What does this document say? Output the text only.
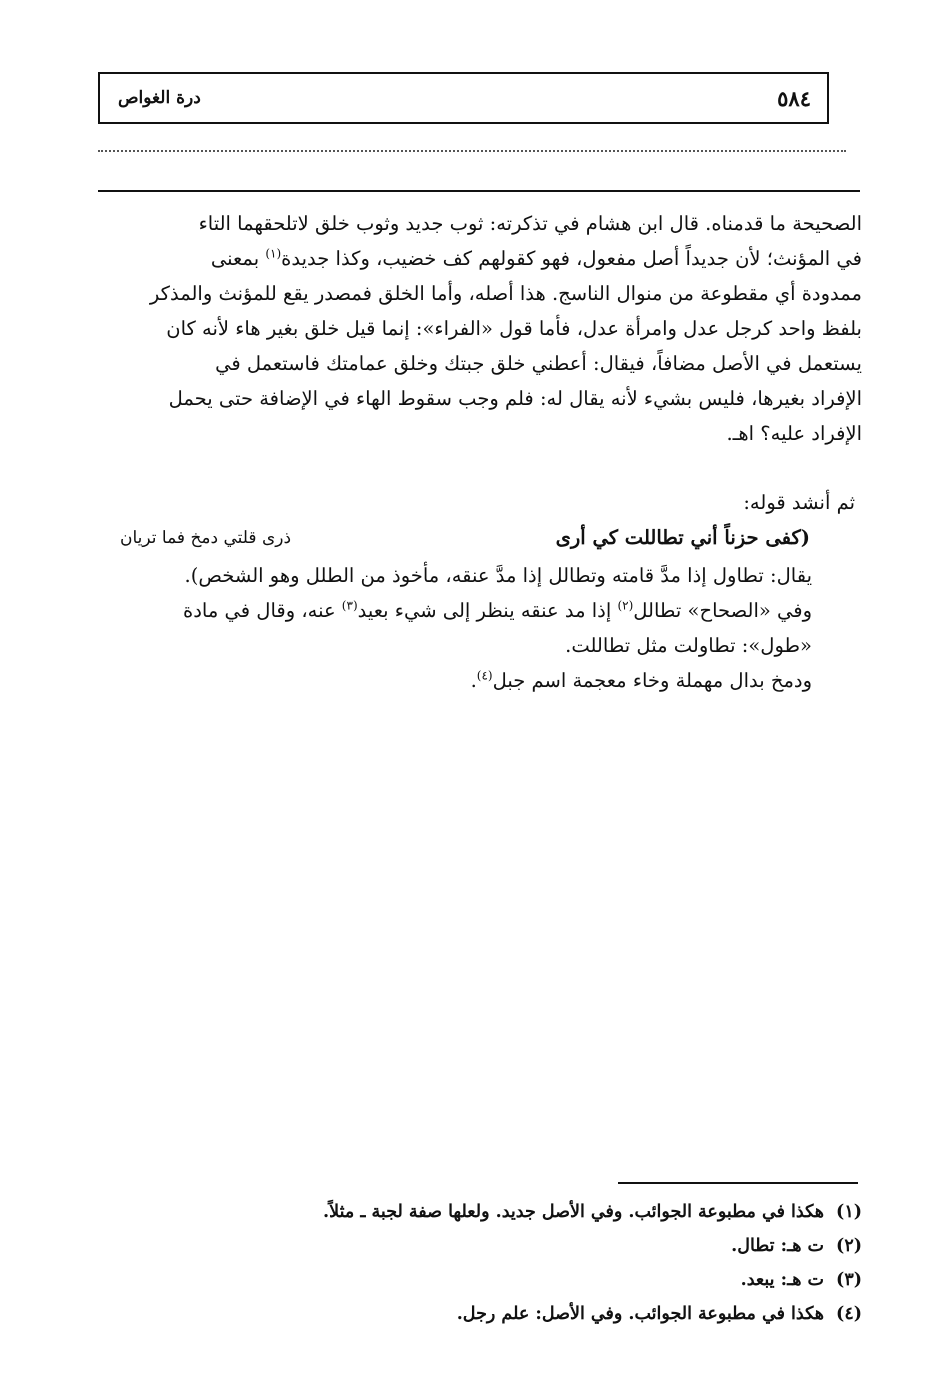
درة الغواص	٥٨٤

الصحيحة ما قدمناه. قال ابن هشام في تذكرته: ثوب جديد وثوب خلق لاتلحقهما التاء

في المؤنث؛ لأن جديداً أصل مفعول، فهو كقولهم كف خضيب، وكذا جديدة$^{(١)}$ بمعنى

ممدودة أي مقطوعة من منوال الناسج. هذا أصله، وأما الخلق فمصدر يقع للمؤنث والمذكر

بلفظ واحد كرجل عدل وامرأة عدل، فأما قول «الفراء»: إنما قيل خلق بغير هاء لأنه كان

يستعمل في الأصل مضافاً، فيقال: أعطني خلق جبتك وخلق عمامتك فاستعمل في

الإفراد بغيرها، فليس بشيء لأنه يقال له: فلم وجب سقوط الهاء في الإضافة حتى يحمل

الإفراد عليه؟ اهـ.

ثم أنشد قوله:
(كفى حزناً أني تطاللت كي أرى
ذرى قلتي دمخ فما تريان

يقال: تطاول إذا مدَّ قامته وتطالل إذا مدَّ عنقه، مأخوذ من الطلل وهو الشخص).

وفي «الصحاح» تطالل$^{(٢)}$ إذا مد عنقه ينظر إلى شيء بعيد$^{(٣)}$ عنه، وقال في مادة

«طول»: تطاولت مثل تطاللت.

ودمخ بدال مهملة وخاء معجمة اسم جبل$^{(٤)}$.

(١)
هكذا في مطبوعة الجوائب. وفي الأصل جديد. ولعلها صفة لجبة ـ مثلاً.
(٢)
ت هـ: تطال.
(٣)
ت هـ: يبعد.
(٤)
هكذا في مطبوعة الجوائب. وفي الأصل: علم رجل.
